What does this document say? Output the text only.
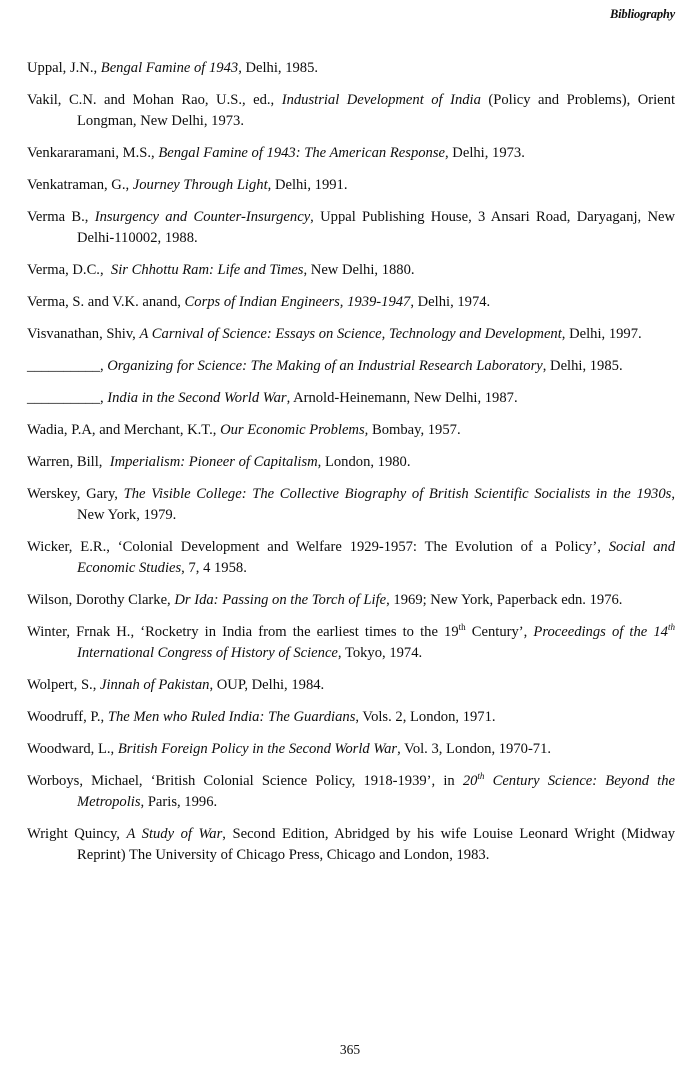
Bibliography

Uppal, J.N., Bengal Famine of 1943, Delhi, 1985.

Vakil, C.N. and Mohan Rao, U.S., ed., Industrial Development of India (Policy and Problems), Orient Longman, New Delhi, 1973.

Venkararamani, M.S., Bengal Famine of 1943: The American Response, Delhi, 1973.

Venkatraman, G., Journey Through Light, Delhi, 1991.

Verma B., Insurgency and Counter-Insurgency, Uppal Publishing House, 3 Ansari Road, Daryaganj, New Delhi-110002, 1988.

Verma, D.C.,  Sir Chhottu Ram: Life and Times, New Delhi, 1880.

Verma, S. and V.K. anand, Corps of Indian Engineers, 1939-1947, Delhi, 1974.

Visvanathan, Shiv, A Carnival of Science: Essays on Science, Technology and Development, Delhi, 1997.

__________, Organizing for Science: The Making of an Industrial Research Laboratory, Delhi, 1985.

__________, India in the Second World War, Arnold-Heinemann, New Delhi, 1987.

Wadia, P.A, and Merchant, K.T., Our Economic Problems, Bombay, 1957.

Warren, Bill,  Imperialism: Pioneer of Capitalism, London, 1980.

Werskey, Gary, The Visible College: The Collective Biography of British Scientific Socialists in the 1930s, New York, 1979.

Wicker, E.R., ‘Colonial Development and Welfare 1929-1957: The Evolution of a Policy’, Social and Economic Studies, 7, 4 1958.

Wilson, Dorothy Clarke, Dr Ida: Passing on the Torch of Life, 1969; New York, Paperback edn. 1976.

Winter, Frnak H., ‘Rocketry in India from the earliest times to the 19th Century’, Proceedings of the 14th International Congress of History of Science, Tokyo, 1974.

Wolpert, S., Jinnah of Pakistan, OUP, Delhi, 1984.

Woodruff, P., The Men who Ruled India: The Guardians, Vols. 2, London, 1971.

Woodward, L., British Foreign Policy in the Second World War, Vol. 3, London, 1970-71.

Worboys, Michael, ‘British Colonial Science Policy, 1918-1939’, in 20th Century Science: Beyond the Metropolis, Paris, 1996.

Wright Quincy, A Study of War, Second Edition, Abridged by his wife Louise Leonard Wright (Midway Reprint) The University of Chicago Press, Chicago and London, 1983.

365
